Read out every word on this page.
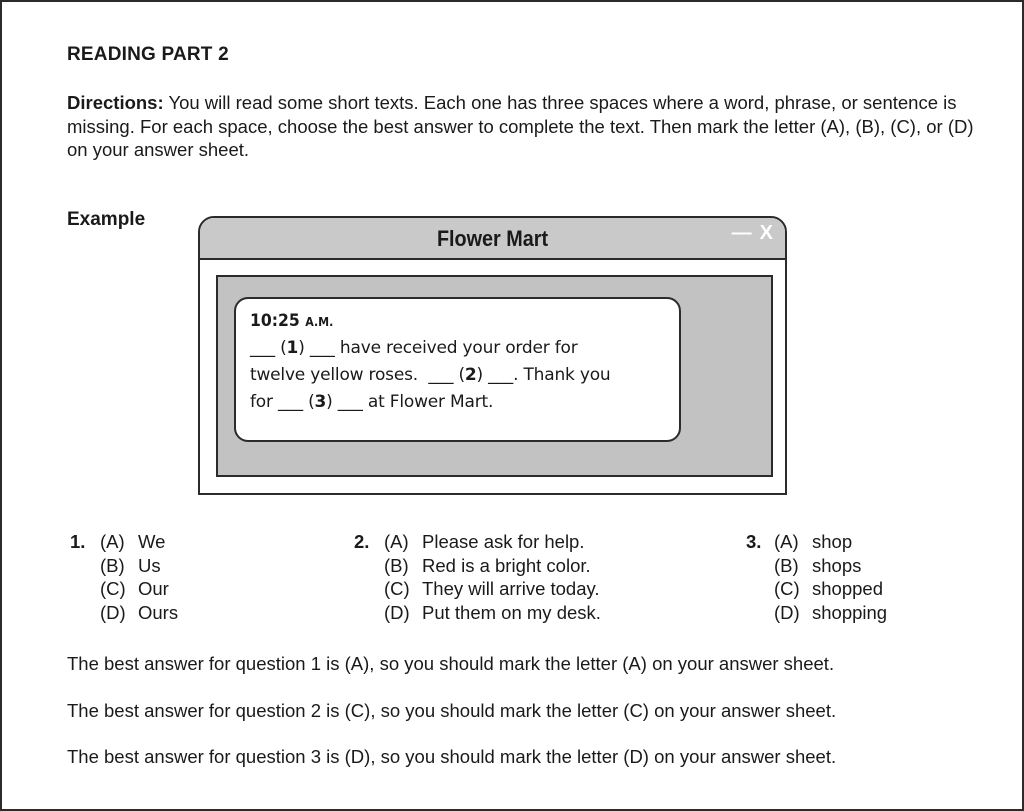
READING PART 2
Directions: You will read some short texts. Each one has three spaces where a word, phrase, or sentence is missing. For each space, choose the best answer to complete the text. Then mark the letter (A), (B), (C), or (D) on your answer sheet.
Example
Flower Mart	— X
10:25 A.M.
___ (1) ___ have received your order for
twelve yellow roses.  ___ (2) ___. Thank you
for ___ (3) ___ at Flower Mart.
1. (A) We
(B) Us
(C) Our
(D) Ours
2. (A) Please ask for help.
(B) Red is a bright color.
(C) They will arrive today.
(D) Put them on my desk.
3. (A) shop
(B) shops
(C) shopped
(D) shopping
The best answer for question 1 is (A), so you should mark the letter (A) on your answer sheet.
The best answer for question 2 is (C), so you should mark the letter (C) on your answer sheet.
The best answer for question 3 is (D), so you should mark the letter (D) on your answer sheet.
